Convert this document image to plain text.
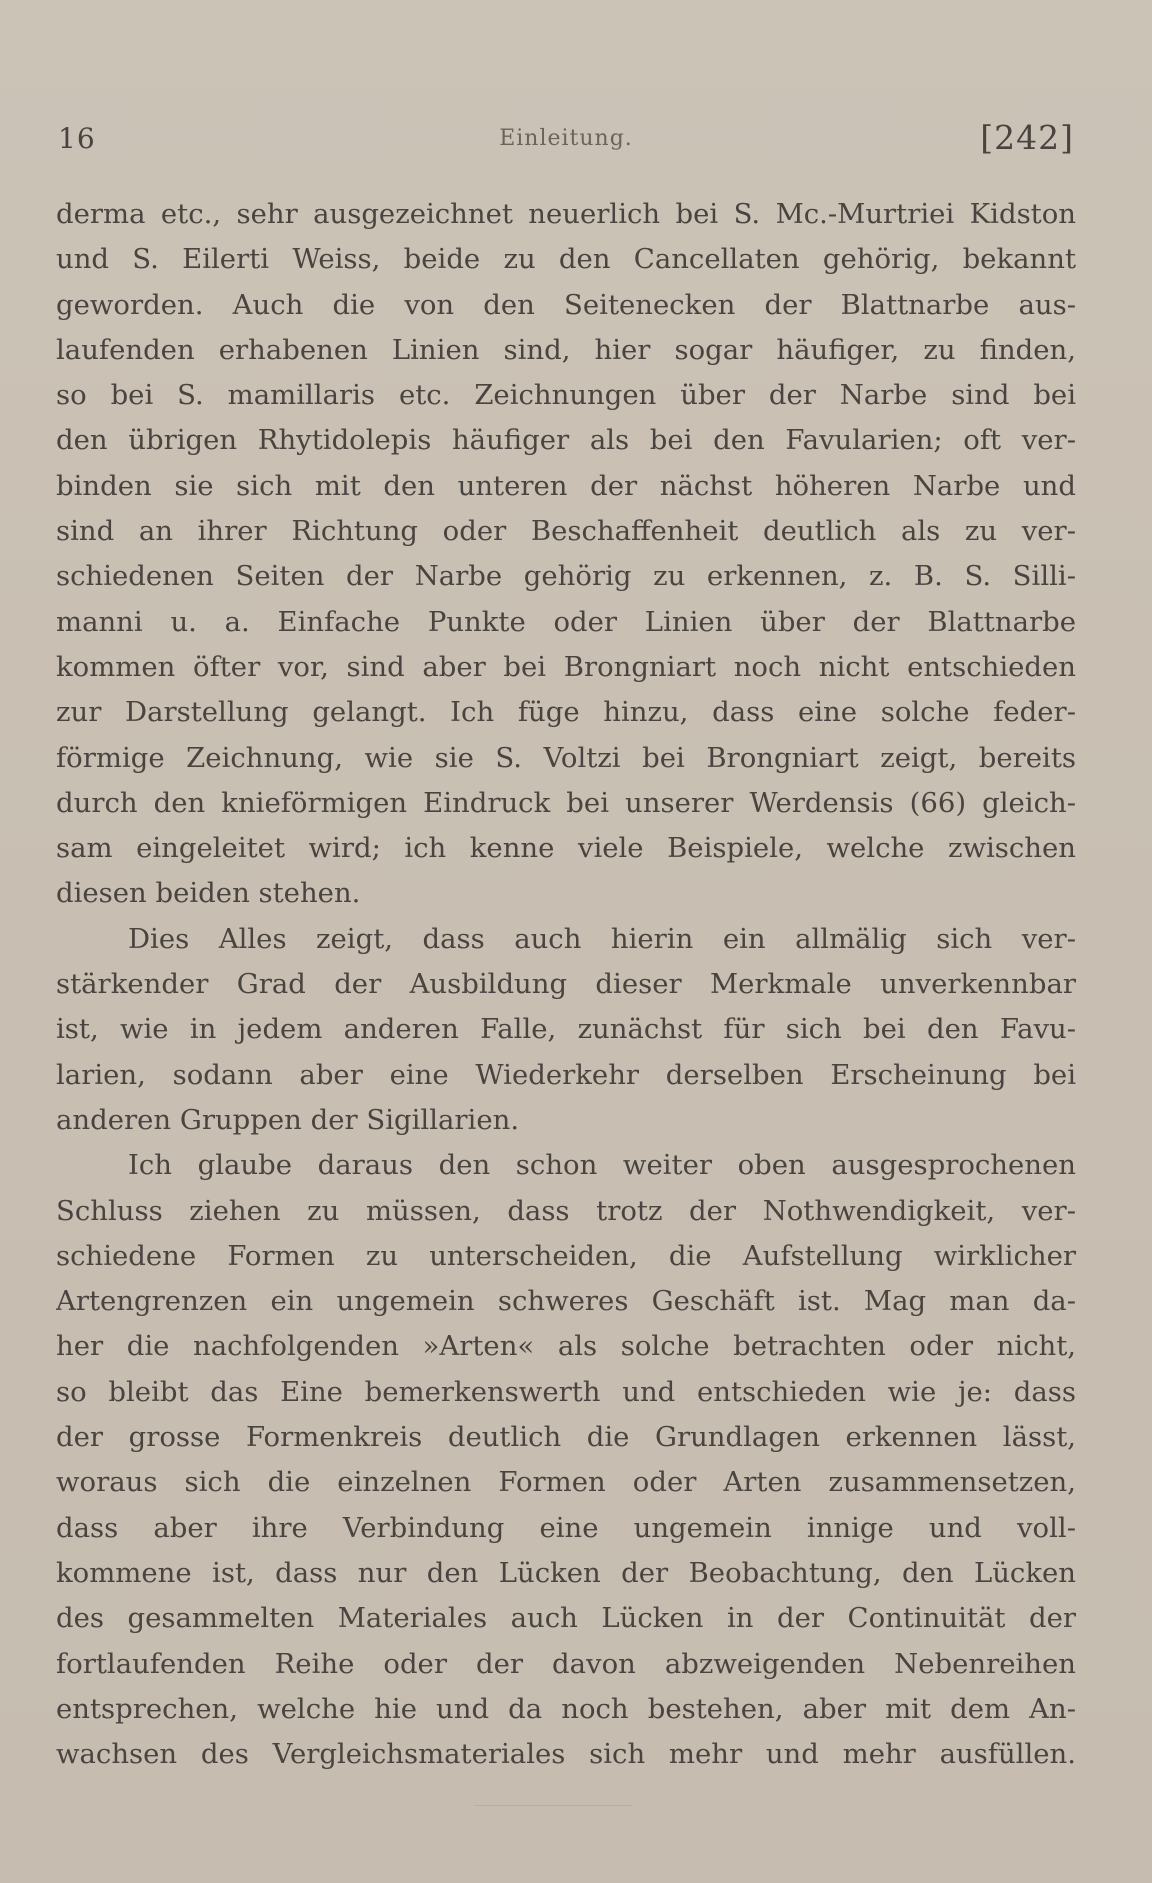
16	Einleitung.	[242]
derma etc., sehr ausgezeichnet neuerlich bei S. Mc.-Murtriei Kidston
und S. Eilerti Weiss, beide zu den Cancellaten gehörig, bekannt
geworden. Auch die von den Seitenecken der Blattnarbe aus-
laufenden erhabenen Linien sind, hier sogar häufiger, zu finden,
so bei S. mamillaris etc. Zeichnungen über der Narbe sind bei
den übrigen Rhytidolepis häufiger als bei den Favularien; oft ver-
binden sie sich mit den unteren der nächst höheren Narbe und
sind an ihrer Richtung oder Beschaffenheit deutlich als zu ver-
schiedenen Seiten der Narbe gehörig zu erkennen, z. B. S. Silli-
manni u. a. Einfache Punkte oder Linien über der Blattnarbe
kommen öfter vor, sind aber bei Brongniart noch nicht entschieden
zur Darstellung gelangt. Ich füge hinzu, dass eine solche feder-
förmige Zeichnung, wie sie S. Voltzi bei Brongniart zeigt, bereits
durch den knieförmigen Eindruck bei unserer Werdensis (66) gleich-
sam eingeleitet wird; ich kenne viele Beispiele, welche zwischen
diesen beiden stehen.
Dies Alles zeigt, dass auch hierin ein allmälig sich ver-
stärkender Grad der Ausbildung dieser Merkmale unverkennbar
ist, wie in jedem anderen Falle, zunächst für sich bei den Favu-
larien, sodann aber eine Wiederkehr derselben Erscheinung bei
anderen Gruppen der Sigillarien.
Ich glaube daraus den schon weiter oben ausgesprochenen
Schluss ziehen zu müssen, dass trotz der Nothwendigkeit, ver-
schiedene Formen zu unterscheiden, die Aufstellung wirklicher
Artengrenzen ein ungemein schweres Geschäft ist. Mag man da-
her die nachfolgenden »Arten« als solche betrachten oder nicht,
so bleibt das Eine bemerkenswerth und entschieden wie je: dass
der grosse Formenkreis deutlich die Grundlagen erkennen lässt,
woraus sich die einzelnen Formen oder Arten zusammensetzen,
dass aber ihre Verbindung eine ungemein innige und voll-
kommene ist, dass nur den Lücken der Beobachtung, den Lücken
des gesammelten Materiales auch Lücken in der Continuität der
fortlaufenden Reihe oder der davon abzweigenden Nebenreihen
entsprechen, welche hie und da noch bestehen, aber mit dem An-
wachsen des Vergleichsmateriales sich mehr und mehr ausfüllen.
